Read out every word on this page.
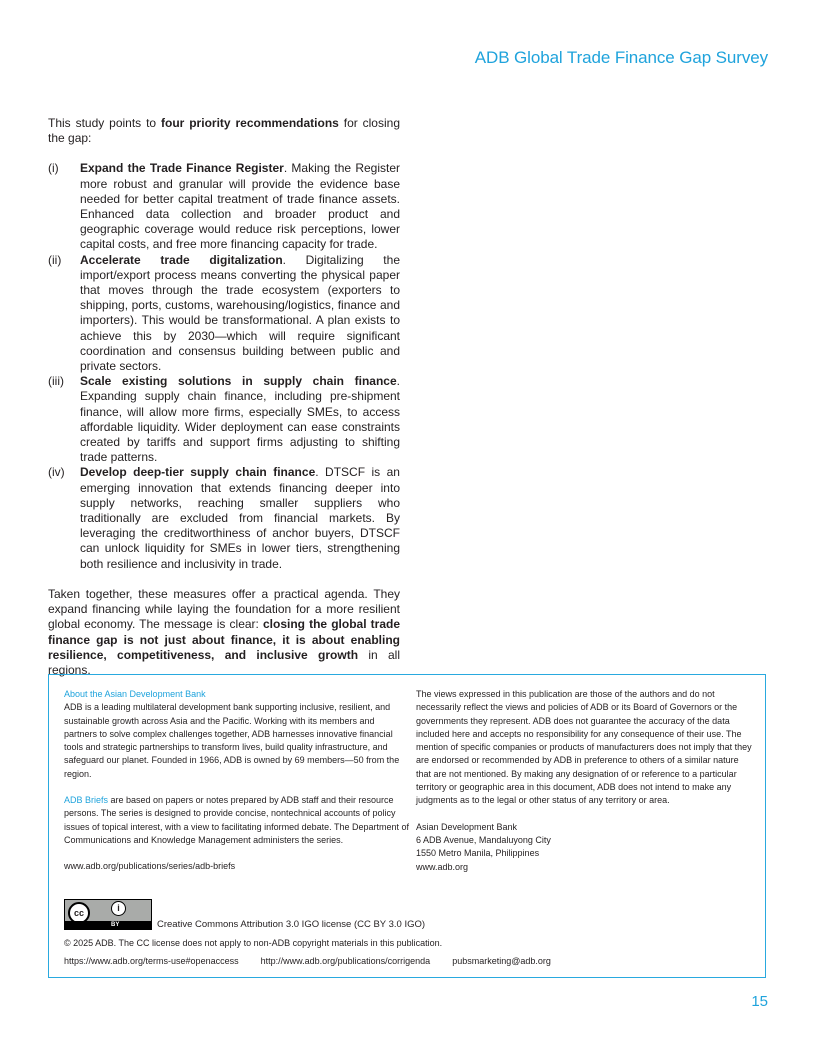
ADB Global Trade Finance Gap Survey

This study points to four priority recommendations for closing the gap:

(i)	Expand the Trade Finance Register. Making the Register more robust and granular will provide the evidence base needed for better capital treatment of trade finance assets. Enhanced data collection and broader product and geographic coverage would reduce risk perceptions, lower capital costs, and free more financing capacity for trade.
(ii)	Accelerate trade digitalization. Digitalizing the import/export process means converting the physical paper that moves through the trade ecosystem (exporters to shipping, ports, customs, warehousing/logistics, finance and importers). This would be transformational. A plan exists to achieve this by 2030—which will require significant coordination and consensus building between public and private sectors.
(iii)	Scale existing solutions in supply chain finance. Expanding supply chain finance, including pre-shipment finance, will allow more firms, especially SMEs, to access affordable liquidity. Wider deployment can ease constraints created by tariffs and support firms adjusting to shifting trade patterns.
(iv)	Develop deep-tier supply chain finance. DTSCF is an emerging innovation that extends financing deeper into supply networks, reaching smaller suppliers who traditionally are excluded from financial markets. By leveraging the creditworthiness of anchor buyers, DTSCF can unlock liquidity for SMEs in lower tiers, strengthening both resilience and inclusivity in trade.

Taken together, these measures offer a practical agenda. They expand financing while laying the foundation for a more resilient global economy. The message is clear: closing the global trade finance gap is not just about finance, it is about enabling resilience, competitiveness, and inclusive growth in all regions.

About the Asian Development Bank
ADB is a leading multilateral development bank supporting inclusive, resilient, and sustainable growth across Asia and the Pacific. Working with its members and partners to solve complex challenges together, ADB harnesses innovative financial tools and strategic partnerships to transform lives, build quality infrastructure, and safeguard our planet. Founded in 1966, ADB is owned by 69 members—50 from the region.
ADB Briefs are based on papers or notes prepared by ADB staff and their resource persons. The series is designed to provide concise, nontechnical accounts of policy issues of topical interest, with a view to facilitating informed debate. The Department of Communications and Knowledge Management administers the series.
www.adb.org/publications/series/adb-briefs
The views expressed in this publication are those of the authors and do not necessarily reflect the views and policies of ADB or its Board of Governors or the governments they represent. ADB does not guarantee the accuracy of the data included here and accepts no responsibility for any consequence of their use. The mention of specific companies or products of manufacturers does not imply that they are endorsed or recommended by ADB in preference to others of a similar nature that are not mentioned. By making any designation of or reference to a particular territory or geographic area in this document, ADB does not intend to make any judgments as to the legal or other status of any territory or area.
Asian Development Bank
6 ADB Avenue, Mandaluyong City
1550 Metro Manila, Philippines
www.adb.org
cc	i
BY	Creative Commons Attribution 3.0 IGO license (CC BY 3.0 IGO)
© 2025 ADB. The CC license does not apply to non-ADB copyright materials in this publication.
https://www.adb.org/terms-use#openaccess http://www.adb.org/publications/corrigenda pubsmarketing@adb.org
15
